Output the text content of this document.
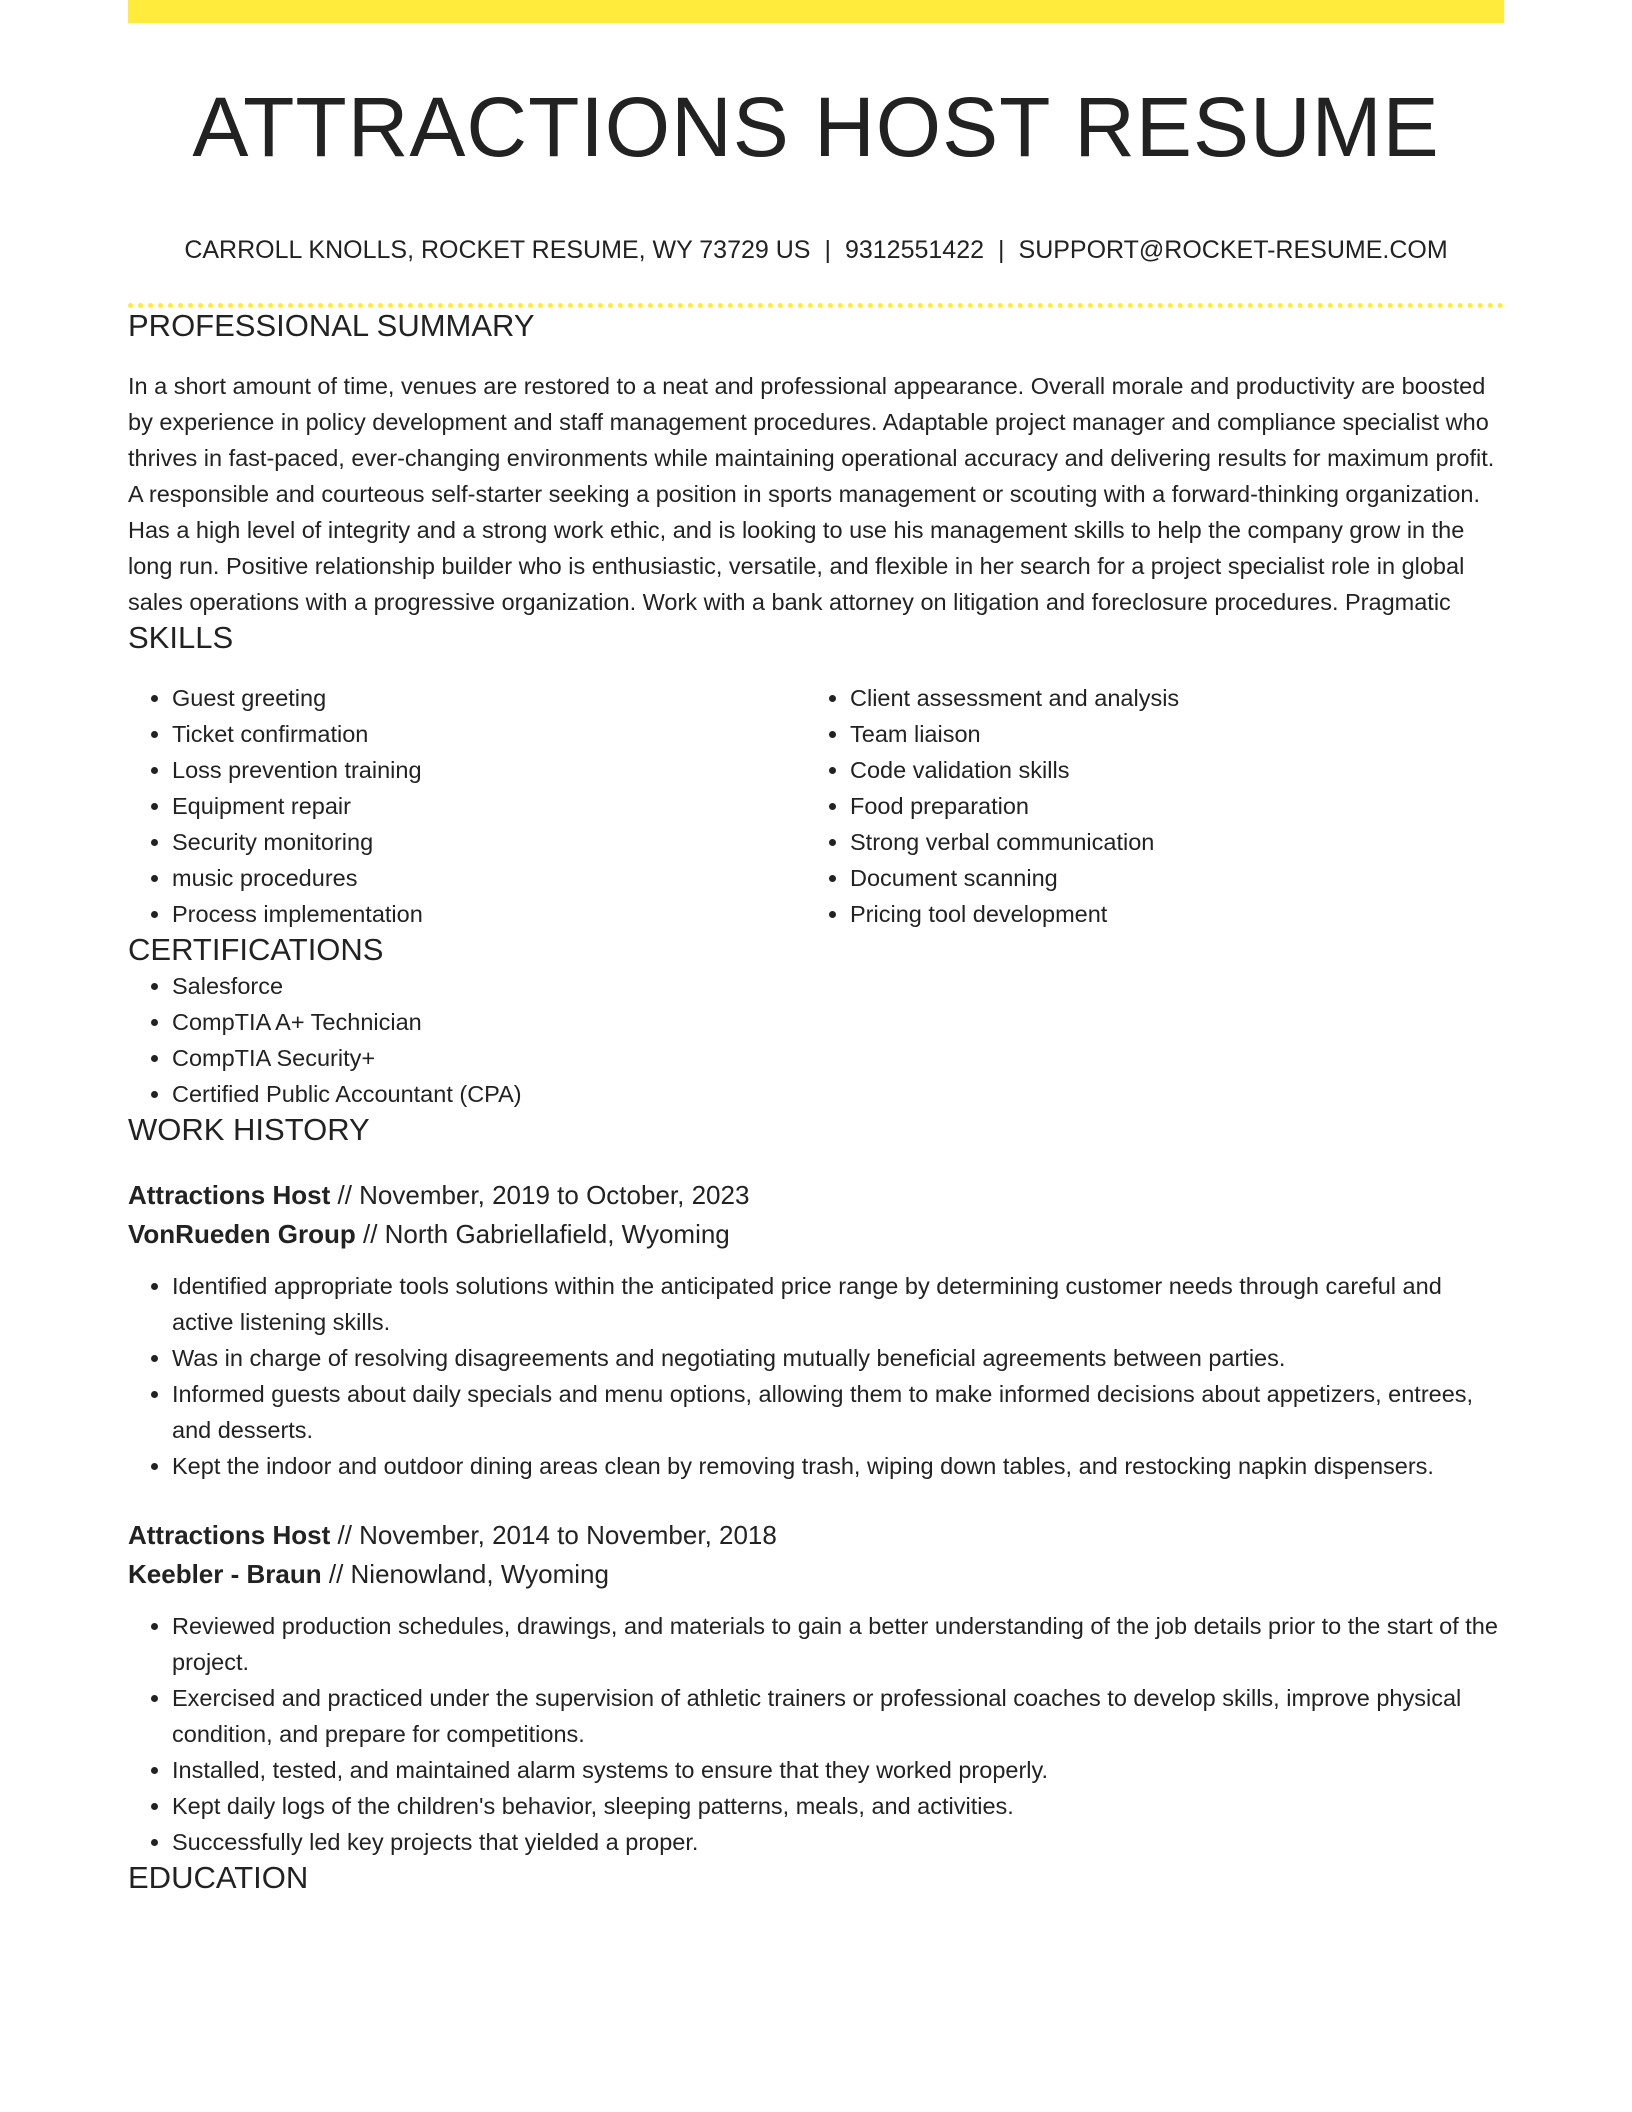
ATTRACTIONS HOST RESUME
CARROLL KNOLLS, ROCKET RESUME, WY 73729 US | 9312551422 | SUPPORT@ROCKET-RESUME.COM
PROFESSIONAL SUMMARY

In a short amount of time, venues are restored to a neat and professional appearance. Overall morale and productivity are boosted by experience in policy development and staff management procedures. Adaptable project manager and compliance specialist who thrives in fast-paced, ever-changing environments while maintaining operational accuracy and delivering results for maximum profit. A responsible and courteous self-starter seeking a position in sports management or scouting with a forward-thinking organization. Has a high level of integrity and a strong work ethic, and is looking to use his management skills to help the company grow in the long run. Positive relationship builder who is enthusiastic, versatile, and flexible in her search for a project specialist role in global sales operations with a progressive organization. Work with a bank attorney on litigation and foreclosure procedures. Pragmatic

SKILLS
• Guest greeting
• Ticket confirmation
• Loss prevention training
• Equipment repair
• Security monitoring
• music procedures
• Process implementation
• Client assessment and analysis
• Team liaison
• Code validation skills
• Food preparation
• Strong verbal communication
• Document scanning
• Pricing tool development
CERTIFICATIONS
• Salesforce
• CompTIA A+ Technician
• CompTIA Security+
• Certified Public Accountant (CPA)
WORK HISTORY
Attractions Host // November, 2019 to October, 2023
VonRueden Group // North Gabriellafield, Wyoming
• Identified appropriate tools solutions within the anticipated price range by determining customer needs through careful and active listening skills.
• Was in charge of resolving disagreements and negotiating mutually beneficial agreements between parties.
• Informed guests about daily specials and menu options, allowing them to make informed decisions about appetizers, entrees, and desserts.
• Kept the indoor and outdoor dining areas clean by removing trash, wiping down tables, and restocking napkin dispensers.
Attractions Host // November, 2014 to November, 2018
Keebler - Braun // Nienowland, Wyoming
• Reviewed production schedules, drawings, and materials to gain a better understanding of the job details prior to the start of the project.
• Exercised and practiced under the supervision of athletic trainers or professional coaches to develop skills, improve physical condition, and prepare for competitions.
• Installed, tested, and maintained alarm systems to ensure that they worked properly.
• Kept daily logs of the children's behavior, sleeping patterns, meals, and activities.
• Successfully led key projects that yielded a proper.
EDUCATION
